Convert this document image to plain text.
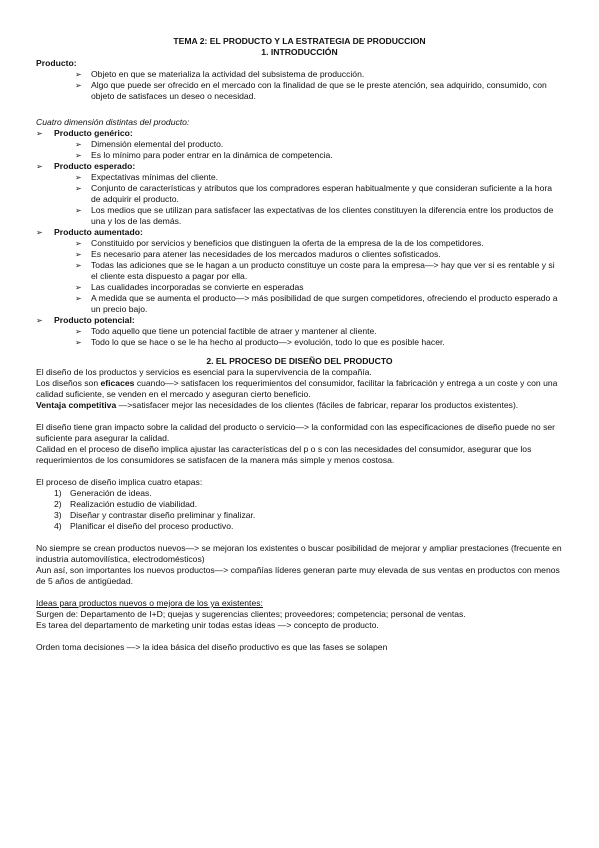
TEMA 2: EL PRODUCTO Y LA ESTRATEGIA DE PRODUCCION
1. INTRODUCCIÓN
Producto:
➢ Objeto en que se materializa la actividad del subsistema de producción.
➢ Algo que puede ser ofrecido en el mercado con la finalidad de que se le preste atención, sea adquirido, consumido, con objeto de satisfaces un deseo o necesidad.
Cuatro dimensión distintas del producto:
➢ Producto genérico:
➢ Dimensión elemental del producto.
➢ Es lo mínimo para poder entrar en la dinámica de competencia.
➢ Producto esperado:
➢ Expectativas mínimas del cliente.
➢ Conjunto de características y atributos que los compradores esperan habitualmente y que consideran suficiente a la hora de adquirir el producto.
➢ Los medios que se utilizan para satisfacer las expectativas de los clientes constituyen la diferencia entre los productos de una y los de las demás.
➢ Producto aumentado:
➢ Constituido por servicios y beneficios que distinguen la oferta de la empresa de la de los competidores.
➢ Es necesario para atener las necesidades de los mercados maduros o clientes sofisticados.
➢ Todas las adiciones que se le hagan a un producto constituye un coste para la empresa—> hay que ver si es rentable y si el cliente esta dispuesto a pagar por ella.
➢ Las cualidades incorporadas se convierte en esperadas
➢ A medida que se aumenta el producto—> más posibilidad de que surgen competidores, ofreciendo el producto esperado a un precio bajo.
➢ Producto potencial:
➢ Todo aquello que tiene un potencial factible de atraer y mantener al cliente.
➢ Todo lo que se hace o se le ha hecho al producto—> evolución, todo lo que es posible hacer.
2. EL PROCESO DE DISEÑO DEL PRODUCTO
El diseño de los productos y servicios es esencial para la supervivencia de la compañía.
Los diseños son eficaces cuando—> satisfacen los requerimientos del consumidor, facilitar la fabricación y entrega a un coste y con una calidad suficiente, se venden en el mercado y aseguran cierto beneficio.
Ventaja competitiva —>satisfacer mejor las necesidades de los clientes (fáciles de fabricar, reparar los productos existentes).
El diseño tiene gran impacto sobre la calidad del producto o servicio—> la conformidad con las especificaciones de diseño puede no ser suficiente para asegurar la calidad.
Calidad en el proceso de diseño implica ajustar las características del p o s con las necesidades del consumidor, asegurar que los requerimientos de los consumidores se satisfacen de la manera más simple y menos costosa.
El proceso de diseño implica cuatro etapas:
1) Generación de ideas.
2) Realización estudio de viabilidad.
3) Diseñar y contrastar diseño preliminar y finalizar.
4) Planificar el diseño del proceso productivo.
No siempre se crean productos nuevos—> se mejoran los existentes o buscar posibilidad de mejorar y ampliar prestaciones (frecuente en industria automovilística, electrodomésticos)
Aun así, son importantes los nuevos productos—> compañías líderes generan parte muy elevada de sus ventas en productos con menos de 5 años de antigüedad.
Ideas para productos nuevos o mejora de los ya existentes:
Surgen de: Departamento de I+D; quejas y sugerencias clientes; proveedores; competencia; personal de ventas.
Es tarea del departamento de marketing unir todas estas ideas —> concepto de producto.
Orden toma decisiones —> la idea básica del diseño productivo es que las fases se solapen
